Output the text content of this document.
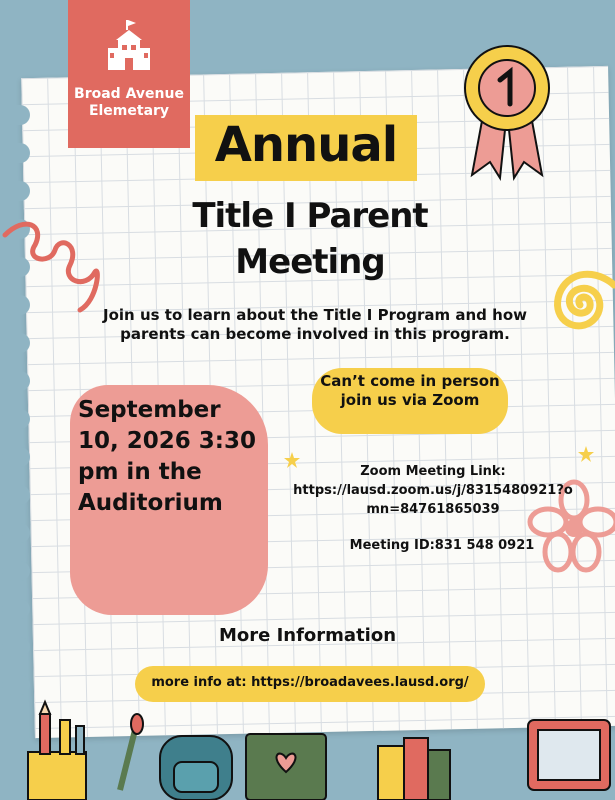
Broad Avenue Elemetary
Annual
Title I Parent Meeting
Join us to learn about the Title I Program and how parents can become involved in this program.
September 10, 2026 3:30 pm in the Auditorium
Can’t come in person join us via Zoom
Zoom Meeting Link:
https://lausd.zoom.us/j/8315480921?omn=84761865039
Meeting ID:831 548 0921
More Information
more info at: https://broadavees.lausd.org/
